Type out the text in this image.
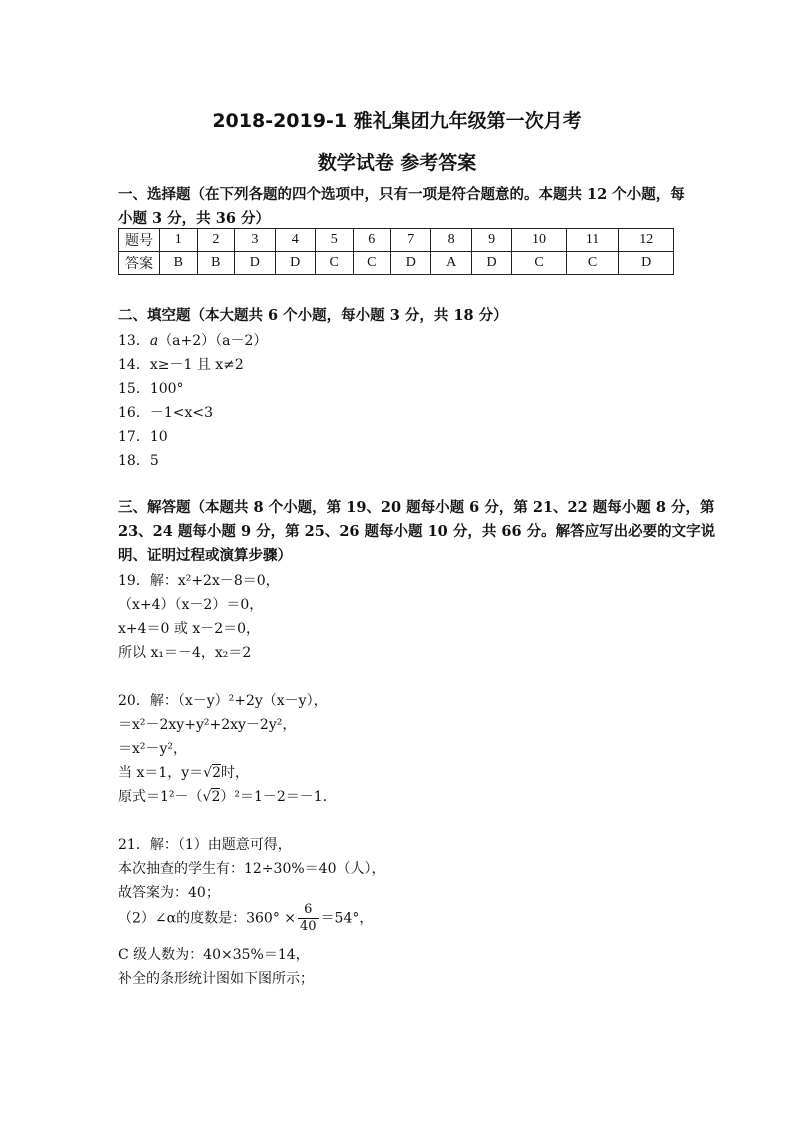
2018-2019-1 雅礼集团九年级第一次月考
数学试卷 参考答案
一、选择题（在下列各题的四个选项中，只有一项是符合题意的。本题共 12 个小题，每
小题 3 分，共 36 分）
题号	1	2	3	4	5	6	7	8	9	10	11	12
答案	B	B	D	D	C	C	D	A	D	C	C	D
二、填空题（本大题共 6 个小题，每小题 3 分，共 18 分）
13．a（a+2）（a－2）
14．x≥－1 且 x≠2
15．100°
16．－1<x<3
17．10
18．5
三、解答题（本题共 8 个小题，第 19、20 题每小题 6 分，第 21、22 题每小题 8 分，第
23、24 题每小题 9 分，第 25、26 题每小题 10 分，共 66 分。解答应写出必要的文字说
明、证明过程或演算步骤）
19．解：x²+2x－8＝0，
（x+4）（x－2）＝0，
x+4＝0 或 x－2＝0，
所以 x₁＝－4，x₂＝2
20．解：（x－y）²+2y（x－y），
＝x²－2xy+y²+2xy－2y²，
＝x²－y²，
当 x＝1，y＝√2时，
原式＝1²－（√2）²＝1－2＝－1．
21．解：（1）由题意可得，
本次抽查的学生有：12÷30%＝40（人），
故答案为：40；
（2）∠α的度数是：$360^\circ \times \frac{6}{40} =54^\circ$，
C 级人数为：40×35%＝14，
补全的条形统计图如下图所示；
